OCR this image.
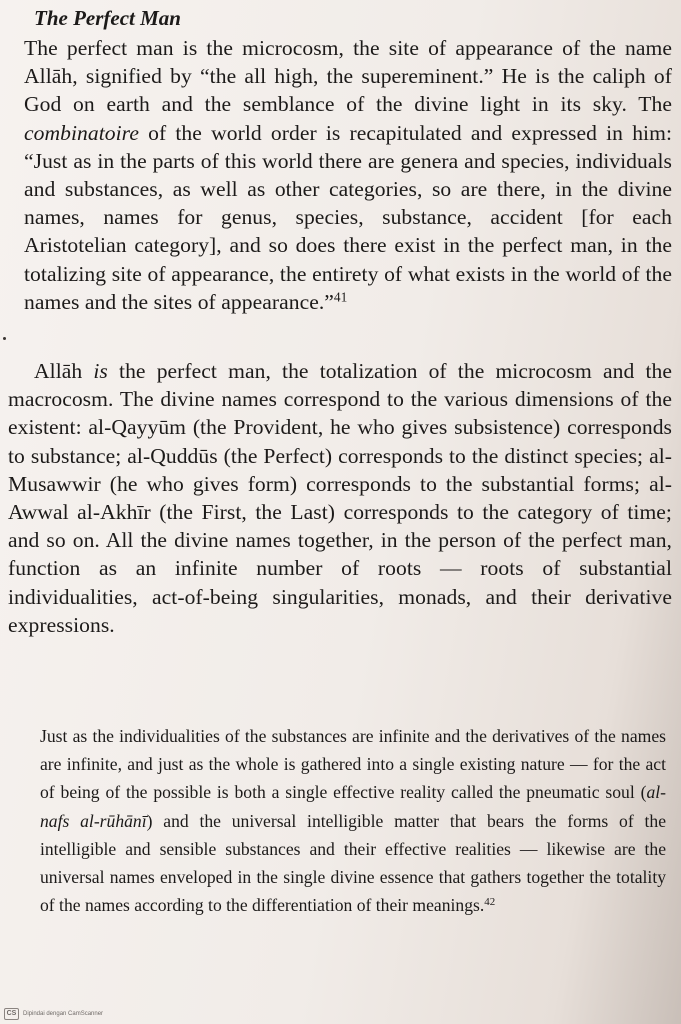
The Perfect Man

The perfect man is the microcosm, the site of appearance of the name Allāh, signified by “the all high, the supereminent.” He is the caliph of God on earth and the semblance of the divine light in its sky. The combinatoire of the world order is recapitulated and expressed in him: “Just as in the parts of this world there are genera and species, individuals and substances, as well as other categories, so are there, in the divine names, names for genus, species, substance, accident [for each Aristotelian category], and so does there exist in the perfect man, in the totalizing site of appearance, the entirety of what exists in the world of the names and the sites of appearance.”$^{41}$

Allāh is the perfect man, the totalization of the microcosm and the macrocosm. The divine names correspond to the various dimensions of the existent: al-Qayyūm (the Provident, he who gives subsistence) corresponds to substance; al-Quddūs (the Perfect) corresponds to the distinct species; al-Musawwir (he who gives form) corresponds to the substantial forms; al-Awwal al-Akhīr (the First, the Last) corresponds to the category of time; and so on. All the divine names together, in the person of the perfect man, function as an infinite number of roots — roots of substantial individualities, act-of-being singularities, monads, and their derivative expressions.

Just as the individualities of the substances are infinite and the derivatives of the names are infinite, and just as the whole is gathered into a single existing nature — for the act of being of the possible is both a single effective reality called the pneumatic soul (al-nafs al-rūhānī) and the universal intelligible matter that bears the forms of the intelligible and sensible substances and their effective realities — likewise are the universal names enveloped in the single divine essence that gathers together the totality of the names according to the differentiation of their meanings.$^{42}$

CS	Dipindai dengan CamScanner
